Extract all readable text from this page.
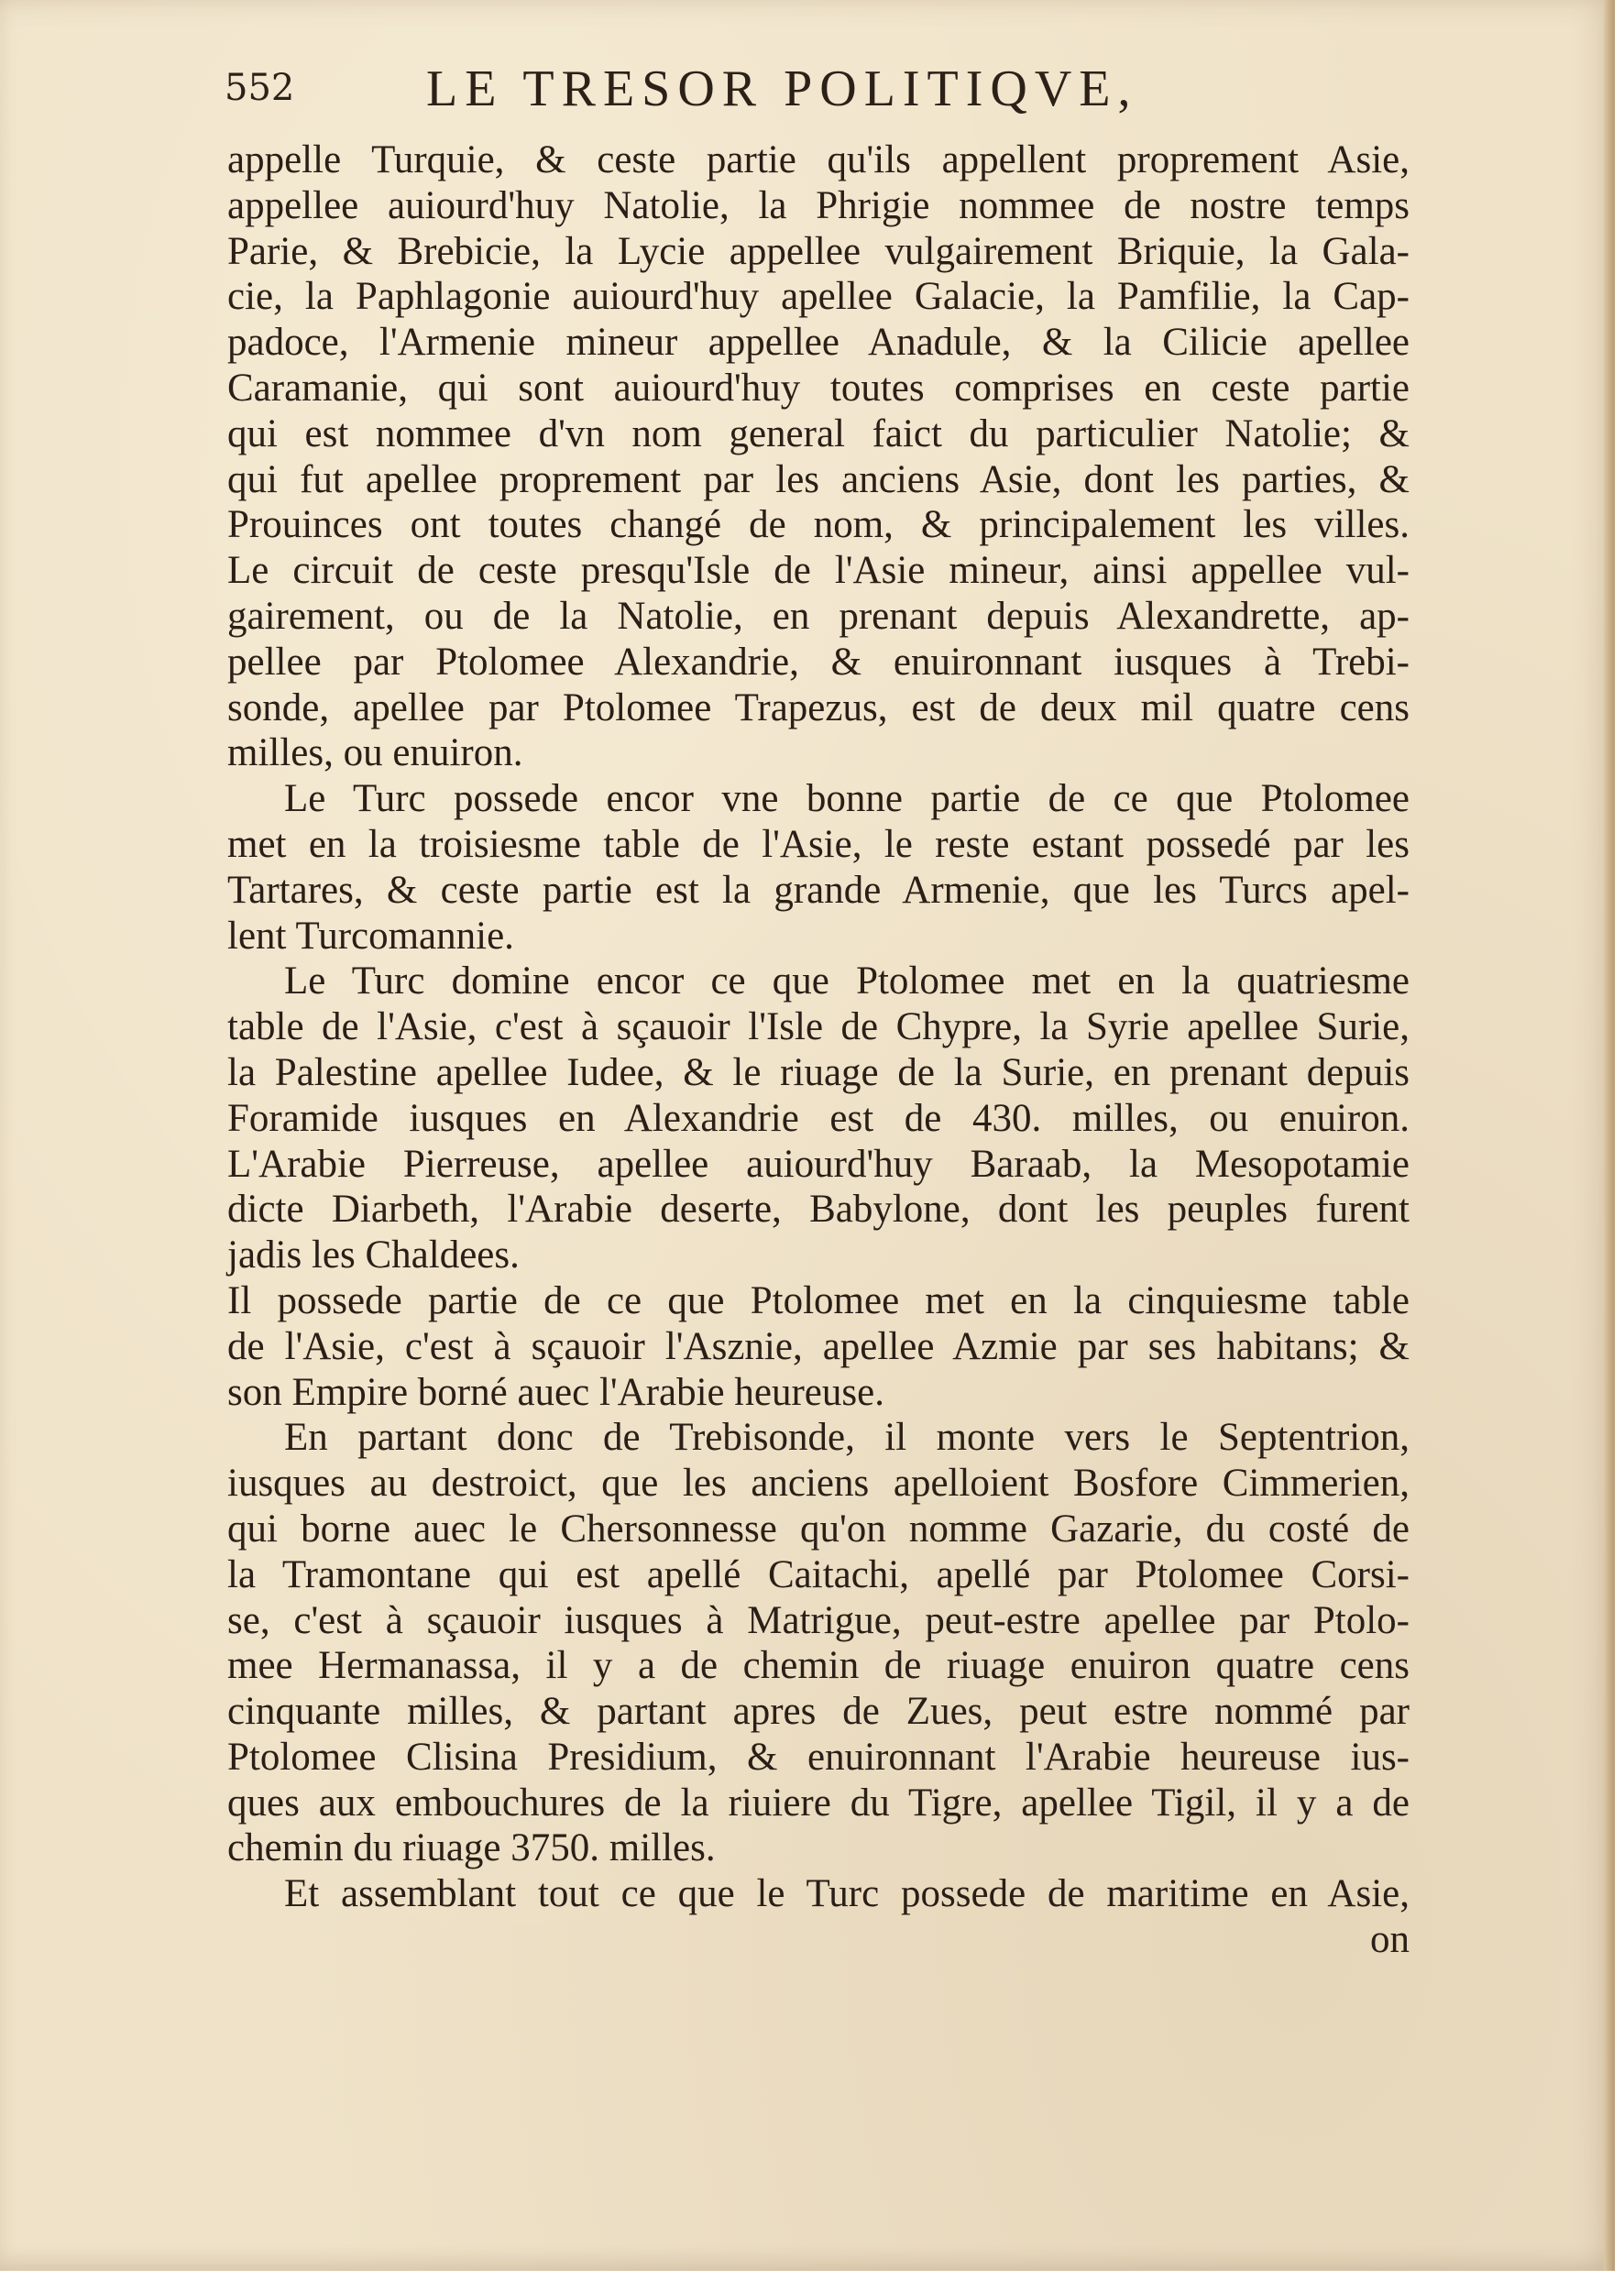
552	LE TRESOR POLITIQVE,
appelle Turquie, & ceste partie qu'ils appellent proprement Asie,
appellee auiourd'huy Natolie, la Phrigie nommee de nostre temps
Parie, & Brebicie, la Lycie appellee vulgairement Briquie, la Gala-
cie, la Paphlagonie auiourd'huy apellee Galacie, la Pamfilie, la Cap-
padoce, l'Armenie mineur appellee Anadule, & la Cilicie apellee
Caramanie, qui sont auiourd'huy toutes comprises en ceste partie
qui est nommee d'vn nom general faict du particulier Natolie; &
qui fut apellee proprement par les anciens Asie, dont les parties, &
Prouinces ont toutes changé de nom, & principalement les villes.
Le circuit de ceste presqu'Isle de l'Asie mineur, ainsi appellee vul-
gairement, ou de la Natolie, en prenant depuis Alexandrette, ap-
pellee par Ptolomee Alexandrie, & enuironnant iusques à Trebi-
sonde, apellee par Ptolomee Trapezus, est de deux mil quatre cens
milles, ou enuiron.
Le Turc possede encor vne bonne partie de ce que Ptolomee
met en la troisiesme table de l'Asie, le reste estant possedé par les
Tartares, & ceste partie est la grande Armenie, que les Turcs apel-
lent Turcomannie.
Le Turc domine encor ce que Ptolomee met en la quatriesme
table de l'Asie, c'est à sçauoir l'Isle de Chypre, la Syrie apellee Surie,
la Palestine apellee Iudee, & le riuage de la Surie, en prenant depuis
Foramide iusques en Alexandrie est de 430. milles, ou enuiron.
L'Arabie Pierreuse, apellee auiourd'huy Baraab, la Mesopotamie
dicte Diarbeth, l'Arabie deserte, Babylone, dont les peuples furent
jadis les Chaldees.
Il possede partie de ce que Ptolomee met en la cinquiesme table
de l'Asie, c'est à sçauoir l'Asznie, apellee Azmie par ses habitans; &
son Empire borné auec l'Arabie heureuse.
En partant donc de Trebisonde, il monte vers le Septentrion,
iusques au destroict, que les anciens apelloient Bosfore Cimmerien,
qui borne auec le Chersonnesse qu'on nomme Gazarie, du costé de
la Tramontane qui est apellé Caitachi, apellé par Ptolomee Corsi-
se, c'est à sçauoir iusques à Matrigue, peut-estre apellee par Ptolo-
mee Hermanassa, il y a de chemin de riuage enuiron quatre cens
cinquante milles, & partant apres de Zues, peut estre nommé par
Ptolomee Clisina Presidium, & enuironnant l'Arabie heureuse ius-
ques aux embouchures de la riuiere du Tigre, apellee Tigil, il y a de
chemin du riuage 3750. milles.
Et assemblant tout ce que le Turc possede de maritime en Asie,
on
